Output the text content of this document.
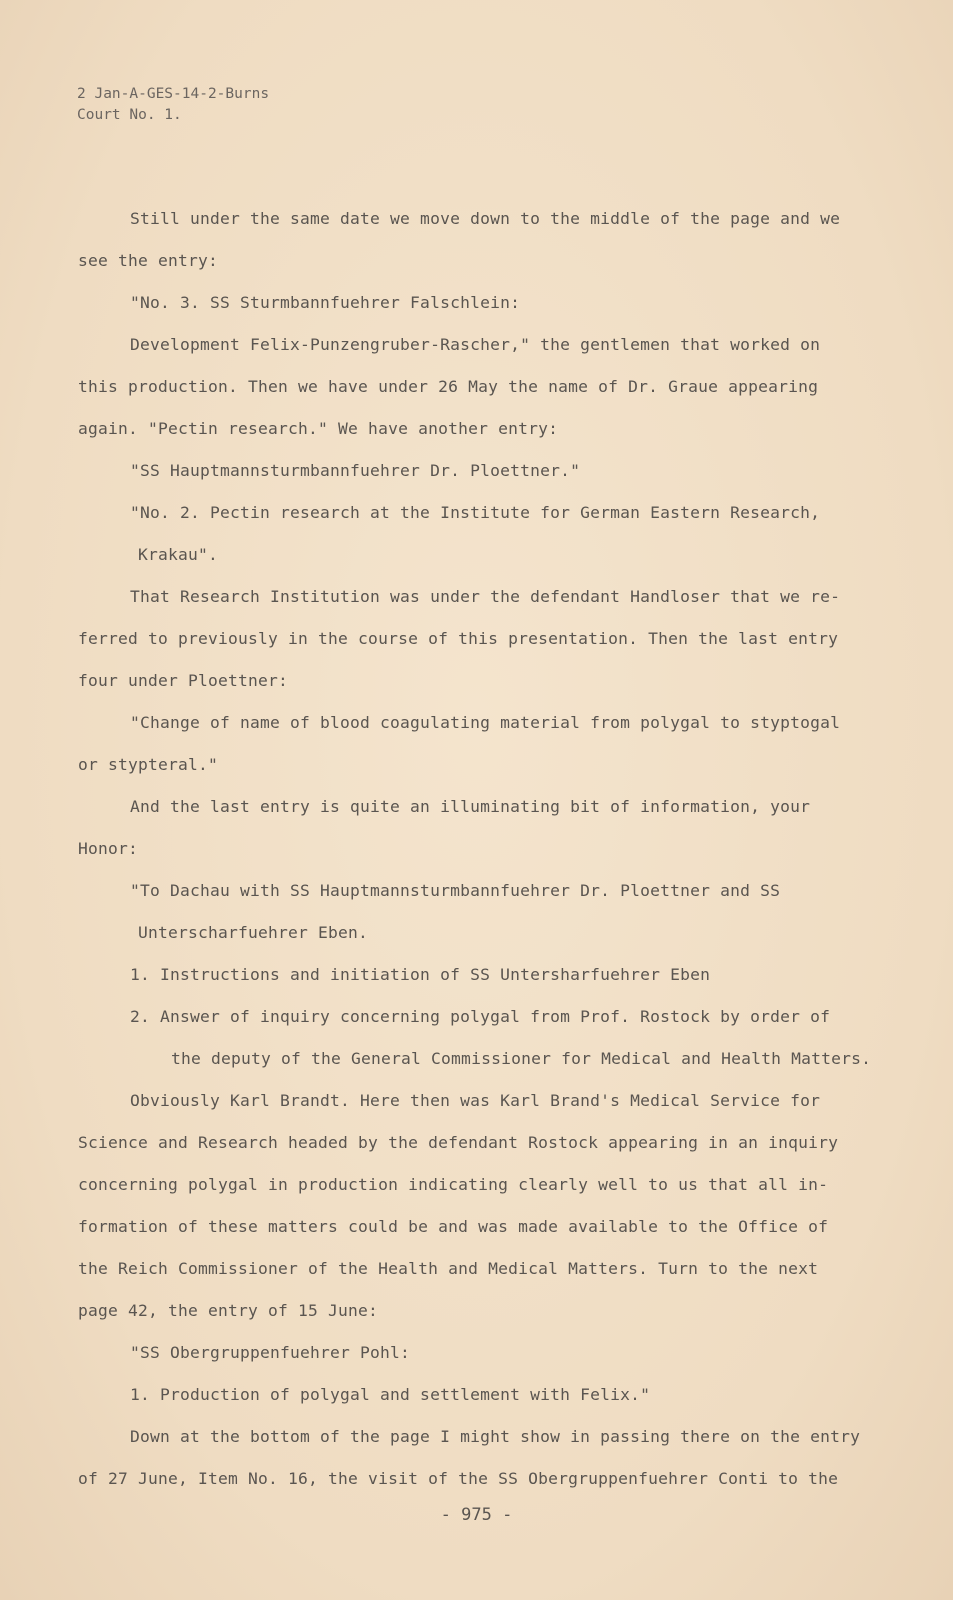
2 Jan-A-GES-14-2-Burns
Court No. 1.
Still under the same date we move down to the middle of the page and we
see the entry:
"No. 3. SS Sturmbannfuehrer Falschlein:
Development Felix-Punzengruber-Rascher," the gentlemen that worked on
this production. Then we have under 26 May the name of Dr. Graue appearing
again. "Pectin research." We have another entry:
"SS Hauptmannsturmbannfuehrer Dr. Ploettner."
"No. 2. Pectin research at the Institute for German Eastern Research,
Krakau".
That Research Institution was under the defendant Handloser that we re-
ferred to previously in the course of this presentation. Then the last entry
four under Ploettner:
"Change of name of blood coagulating material from polygal to styptogal
or stypteral."
And the last entry is quite an illuminating bit of information, your
Honor:
"To Dachau with SS Hauptmannsturmbannfuehrer Dr. Ploettner and SS
Unterscharfuehrer Eben.
1. Instructions and initiation of SS Untersharfuehrer Eben
2. Answer of inquiry concerning polygal from Prof. Rostock by order of
the deputy of the General Commissioner for Medical and Health Matters.
Obviously Karl Brandt. Here then was Karl Brand's Medical Service for
Science and Research headed by the defendant Rostock appearing in an inquiry
concerning polygal in production indicating clearly well to us that all in-
formation of these matters could be and was made available to the Office of
the Reich Commissioner of the Health and Medical Matters. Turn to the next
page 42, the entry of 15 June:
"SS Obergruppenfuehrer Pohl:
1. Production of polygal and settlement with Felix."
Down at the bottom of the page I might show in passing there on the entry
of 27 June, Item No. 16, the visit of the SS Obergruppenfuehrer Conti to the
- 975 -
